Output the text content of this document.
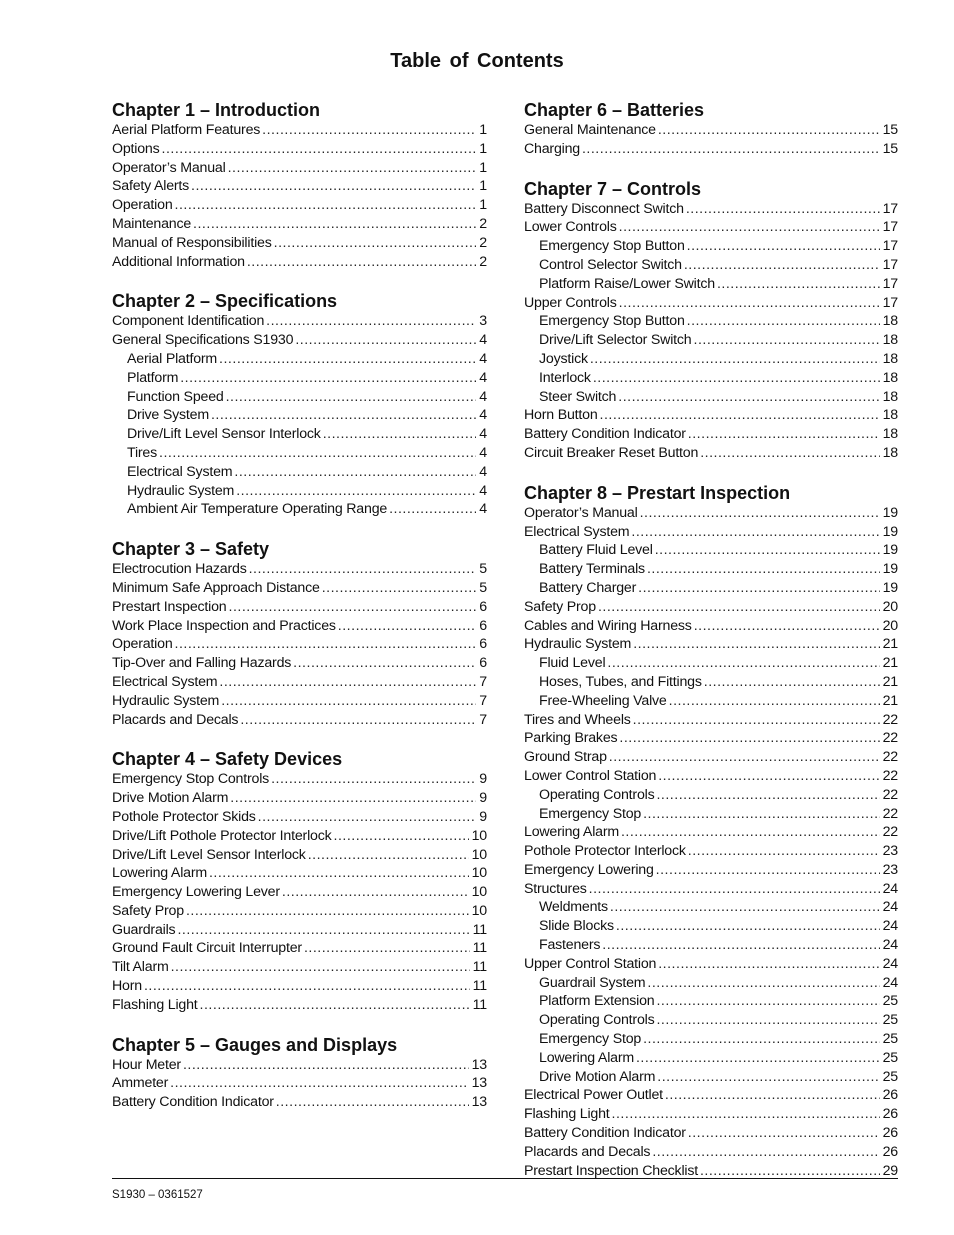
Table of Contents
Chapter 1 – Introduction
Aerial Platform Features .....	1
Options .....	1
Operator’s Manual .....	1
Safety Alerts .....	1
Operation .....	1
Maintenance .....	2
Manual of Responsibilities .....	2
Additional Information .....	2
Chapter 2 – Specifications
Component Identification .....	3
General Specifications S1930 .....	4
Aerial Platform .....	4
Platform .....	4
Function Speed .....	4
Drive System .....	4
Drive/Lift Level Sensor Interlock .....	4
Tires .....	4
Electrical System .....	4
Hydraulic System .....	4
Ambient Air Temperature Operating Range .....	4
Chapter 3 – Safety
Electrocution Hazards .....	5
Minimum Safe Approach Distance .....	5
Prestart Inspection .....	6
Work Place Inspection and Practices .....	6
Operation .....	6
Tip-Over and Falling Hazards .....	6
Electrical System .....	7
Hydraulic System .....	7
Placards and Decals .....	7
Chapter 4 – Safety Devices
Emergency Stop Controls .....	9
Drive Motion Alarm .....	9
Pothole Protector Skids .....	9
Drive/Lift Pothole Protector Interlock .....	10
Drive/Lift Level Sensor Interlock .....	10
Lowering Alarm .....	10
Emergency Lowering Lever .....	10
Safety Prop .....	10
Guardrails .....	11
Ground Fault Circuit Interrupter .....	11
Tilt Alarm .....	11
Horn .....	11
Flashing Light .....	11
Chapter 5 – Gauges and Displays
Hour Meter .....	13
Ammeter .....	13
Battery Condition Indicator .....	13
Chapter 6 – Batteries
General Maintenance .....	15
Charging .....	15
Chapter 7 – Controls
Battery Disconnect Switch .....	17
Lower Controls .....	17
Emergency Stop Button .....	17
Control Selector Switch .....	17
Platform Raise/Lower Switch .....	17
Upper Controls .....	17
Emergency Stop Button .....	18
Drive/Lift Selector Switch .....	18
Joystick .....	18
Interlock .....	18
Steer Switch .....	18
Horn Button .....	18
Battery Condition Indicator .....	18
Circuit Breaker Reset Button .....	18
Chapter 8 – Prestart Inspection
Operator’s Manual .....	19
Electrical System .....	19
Battery Fluid Level .....	19
Battery Terminals .....	19
Battery Charger .....	19
Safety Prop .....	20
Cables and Wiring Harness .....	20
Hydraulic System .....	21
Fluid Level .....	21
Hoses, Tubes, and Fittings .....	21
Free-Wheeling Valve .....	21
Tires and Wheels .....	22
Parking Brakes .....	22
Ground Strap .....	22
Lower Control Station .....	22
Operating Controls .....	22
Emergency Stop .....	22
Lowering Alarm .....	22
Pothole Protector Interlock .....	23
Emergency Lowering .....	23
Structures .....	24
Weldments .....	24
Slide Blocks .....	24
Fasteners .....	24
Upper Control Station .....	24
Guardrail System .....	24
Platform Extension .....	25
Operating Controls .....	25
Emergency Stop .....	25
Lowering Alarm .....	25
Drive Motion Alarm .....	25
Electrical Power Outlet .....	26
Flashing Light .....	26
Battery Condition Indicator .....	26
Placards and Decals .....	26
Prestart Inspection Checklist .....	29
S1930 – 0361527
